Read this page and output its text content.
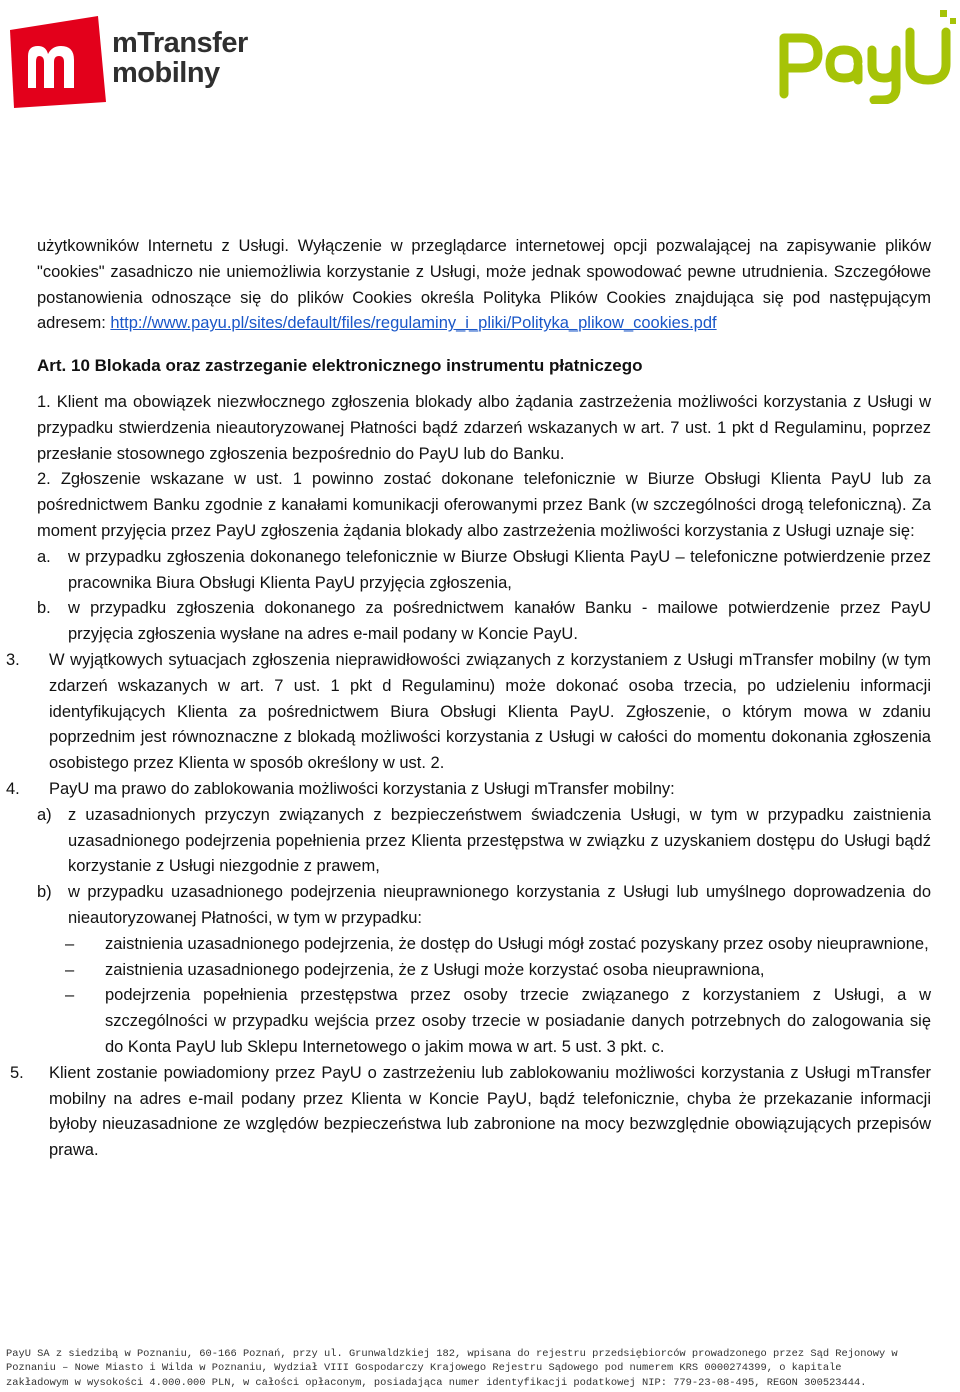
mTransfer
mobilny

użytkowników Internetu z Usługi. Wyłączenie w przeglądarce internetowej opcji pozwalającej na zapisywanie plików "cookies" zasadniczo nie uniemożliwia korzystanie z Usługi, może jednak spowodować pewne utrudnienia. Szczegółowe postanowienia odnoszące się do plików Cookies określa Polityka Plików Cookies znajdująca się pod następującym adresem: http://www.payu.pl/sites/default/files/regulaminy_i_pliki/Polityka_plikow_cookies.pdf

Art. 10 Blokada oraz zastrzeganie elektronicznego instrumentu płatniczego
1. Klient ma obowiązek niezwłocznego zgłoszenia blokady albo żądania zastrzeżenia możliwości korzystania z Usługi w przypadku stwierdzenia nieautoryzowanej Płatności bądź zdarzeń wskazanych w art. 7 ust. 1 pkt d Regulaminu, poprzez przesłanie stosownego zgłoszenia bezpośrednio do PayU lub do Banku.
2. Zgłoszenie wskazane w ust. 1 powinno zostać dokonane telefonicznie w Biurze Obsługi Klienta PayU lub za pośrednictwem Banku zgodnie z kanałami komunikacji oferowanymi przez Bank (w szczególności drogą telefoniczną). Za moment przyjęcia przez PayU zgłoszenia żądania blokady albo zastrzeżenia możliwości korzystania z Usługi uznaje się:
a.	w przypadku zgłoszenia dokonanego telefonicznie w Biurze Obsługi Klienta PayU – telefoniczne potwierdzenie przez pracownika Biura Obsługi Klienta PayU przyjęcia zgłoszenia,
b.	w przypadku zgłoszenia dokonanego za pośrednictwem kanałów Banku - mailowe potwierdzenie przez PayU przyjęcia zgłoszenia wysłane na adres e-mail podany w Koncie PayU.
3.	W wyjątkowych sytuacjach zgłoszenia nieprawidłowości związanych z korzystaniem z Usługi mTransfer mobilny (w tym zdarzeń wskazanych w art. 7 ust. 1 pkt d Regulaminu) może dokonać osoba trzecia, po udzieleniu informacji identyfikujących Klienta za pośrednictwem Biura Obsługi Klienta PayU. Zgłoszenie, o którym mowa w zdaniu poprzednim jest równoznaczne z blokadą możliwości korzystania z Usługi w całości do momentu dokonania zgłoszenia osobistego przez Klienta w sposób określony w ust. 2.
4.	PayU ma prawo do zablokowania możliwości korzystania z Usługi mTransfer mobilny:
a) z uzasadnionych przyczyn związanych z bezpieczeństwem świadczenia Usługi, w tym w przypadku zaistnienia uzasadnionego podejrzenia popełnienia przez Klienta przestępstwa w związku z uzyskaniem dostępu do Usługi bądź korzystanie z Usługi niezgodnie z prawem,
b) w przypadku uzasadnionego podejrzenia nieuprawnionego korzystania z Usługi lub umyślnego doprowadzenia do nieautoryzowanej Płatności, w tym w przypadku:
–	zaistnienia uzasadnionego podejrzenia, że dostęp do Usługi mógł zostać pozyskany przez osoby nieuprawnione,
–	zaistnienia uzasadnionego podejrzenia, że z Usługi może korzystać osoba nieuprawniona,
–	podejrzenia popełnienia przestępstwa przez osoby trzecie związanego z korzystaniem z Usługi, a w szczególności w przypadku wejścia przez osoby trzecie w posiadanie danych potrzebnych do zalogowania się do Konta PayU lub Sklepu Internetowego o jakim mowa w art. 5 ust. 3 pkt. c.
5.	Klient zostanie powiadomiony przez PayU o zastrzeżeniu lub zablokowaniu możliwości korzystania z Usługi mTransfer mobilny na adres e-mail podany przez Klienta w Koncie PayU, bądź telefonicznie, chyba że przekazanie informacji byłoby nieuzasadnione ze względów bezpieczeństwa lub zabronione na mocy bezwzględnie obowiązujących przepisów prawa.
PayU SA z siedzibą w Poznaniu, 60-166 Poznań, przy ul. Grunwaldzkiej 182, wpisana do rejestru przedsiębiorców prowadzonego przez Sąd Rejonowy w
Poznaniu – Nowe Miasto i Wilda w Poznaniu, Wydział VIII Gospodarczy Krajowego Rejestru Sądowego pod numerem KRS 0000274399, o kapitale
zakładowym w wysokości 4.000.000 PLN, w całości opłaconym, posiadająca numer identyfikacji podatkowej NIP: 779-23-08-495, REGON 300523444.
